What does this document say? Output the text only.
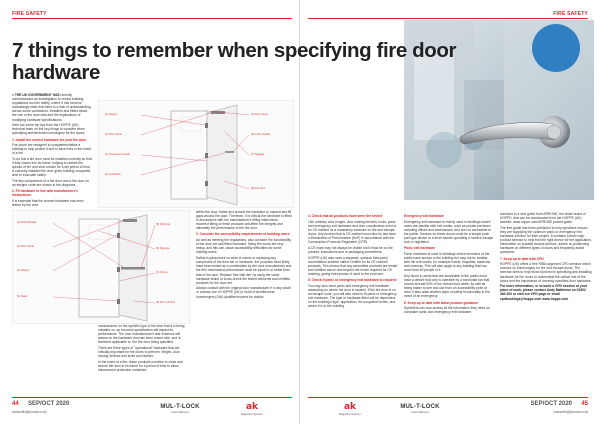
FIRE SAFETY

> THE UK GOVERNMENT HAS recently commissioned an investigation to review building regulations and fire safety, where it has become increasingly clear that there is a lack of understanding across some contractors, installers and fitters about the role of fire door sets and the implications of modifying hardware specifications.

Here are some top tips from the HOPPE (UK) technical team on the key things to consider when specifying architectural ironmongery for fire doors:

1. Install the correct hardware for your fire door

Fire doors are designed to compartmentalise a building to help protect it and to save lives in the event of a fire.

To do this a fire door must be installed correctly so that it fully closes into its frame, helping to restrict the spread of fire and toxic smoke for a set period of time. A correctly installed fire door gives building occupants time to evacuate safely.

The key components of a fire door and a fire door on an escape route are shown in the diagrams.

2. Fit hardware in line with manufacturer's instructions

It is essential that the chosen hardware has been tested by the door

(1) Hinges
(2) Door closer
(3) Intumescent seals
(4) Lock/latch
(5) Door frame
(6) Lever handle
(7) Signage
(8) Fire door
(1) Exit hardware
(2) Door closer
(3) Hinges
(4) Seals
(5) Push bar
(6) Signage
(7) Frame
(8) Fire exit door

manufacturer on the specific type of fire door that it is being installed on, as incorrect specification will impact its performance. The door manufacturer's test evidence will advise on the hardware that has been tested with, and is therefore applicable to, the fire door being specified.

There are three types of "operational" hardware that are critically important for fire doors to perform: hinges, door closing devices and locks and latches.

In the event of a fire, these products combine to close and secure the door in its frame for a period of time to allow intumescent protection contained

within the door, frame and around the hardware to expand and fill gaps around the door. Therefore, it is critical the hardware is fitted in accordance with the manufacturer's fitting instructions. Incorrect fitting of these products will affect the integrity and ultimately the performance of the fire door.

3. Consider the accessibility requirements of building users

As well as meeting the regulations, also consider the functionality of the door set and fitted hardware. Many fire doors are very heavy, and this can cause accessibility difficulties for some building users.

Safety is paramount so when it comes to replacing any component of the door set or hardware, the products must firstly have been tested as a combination by the door manufacturer and the fire/ mechanical performance must be equal to or better than that of the door. Replace 'like with like' by using the same hardware brand or cross-check the tested elements and certified products for the door set.

Always consult with the original door manufacturer if in any doubt or contact one of HOPPE (UK)'s Guild of Architectural Ironmongers (GAI) qualified experts for advice.

44 SEP/OCT 2020
locksmith@journal.co.uk
MUL-T-LOCK
Issue Takeover
ak
Magazine Sponsor
FIRE SAFETY

4. Check that all products have been fire tested

Like ordinary door hinges, door closing devices, locks, panic and emergency exit hardware and door coordinators need to be CE marked as a mandatory measure on fire and escape doors. Any product that is CE marked must also by law have a Declaration of Performance (DoP) in accordance with the Construction Products Regulation (CPR).

A CE mark may not always be visible but it must be on the product, instructions and or packaging somewhere.

HOPPE (UK) also uses a separate, optional third-party accreditation scheme called Certifire for its CE marked products. This means that any accredited products are tested and certified above and beyond the levels required for CE marking, giving extra peace of mind to the end user.

5. Check if panic or emergency exit hardware is required

You may also need panic and emergency exit hardware depending on where the door is located. If the fire door is on an escape route, you will also need to fit panic or emergency exit hardware. The type of hardware fitted will be dependent on the building's type, application, its occupation levels, and where it is in the building.

Emergency exit hardware

Emergency exit hardware is mainly used in buildings where users are familiar with exit routes, such as private premises including offices and warehouses, and are not accessible to the public. Devices for these doors could be a simple push pad type device or a lever handle operating a mortice escape lock or nightlatch.

Panic exit hardware

Panic hardware is used in buildings where members of the public have access to the building but may not be familiar with the exit routes, for example hotels, hospitals, stadiums and cinemas. This will also apply to any building that has more than 60 people in it.

Any doors in areas that are accessible to the public must have a device that only is operable by a horizontal bar that covers at least 60% of the overall door width. As well as being easier to see and use from an accessibility point of view, it also adds another layer of safety functionality in the event of an emergency.

6. Keep up to date with latest product guidance

Specifiers can now access all the information they need on compliant panic and emergency exit hardware

solutions in a new guide from ARRONE, the sister brand of HOPPE, that can be downloaded from the HOPPE (UK) website: www.hoppe.com/ARRONE pocket-guide

The free guide has been published to help specifiers ensure they are supplying the optimum panic or emergency exit hardware solution for their project. It contains a three-step product selector to help find the right device for the application, information on suitable access devices, advice on positioning hardware on different types of doors and frequently asked questions.

7. Keep up to date with CPD

HOPPE (UK) offers a free RIBA approved CPD seminar which focuses on ironmongery for fire and escape doors. The seminar aims to help those involved in specifying and installing hardware for fire doors to understand the critical role of fire doors and the importance of correctly specified door hardware.

For more information, or to book a CPD session at your place of work, please contact Andy Matthews on 01902 484 400 or visit our CPD page or email cpdbookings@hoppe.com www.hoppe.com

SEP/OCT 2020 45
locksmith@journal.co.uk
ak
Magazine Sponsor
MUL-T-LOCK
Issue Takeover
7 things to remember when specifying fire door hardware
